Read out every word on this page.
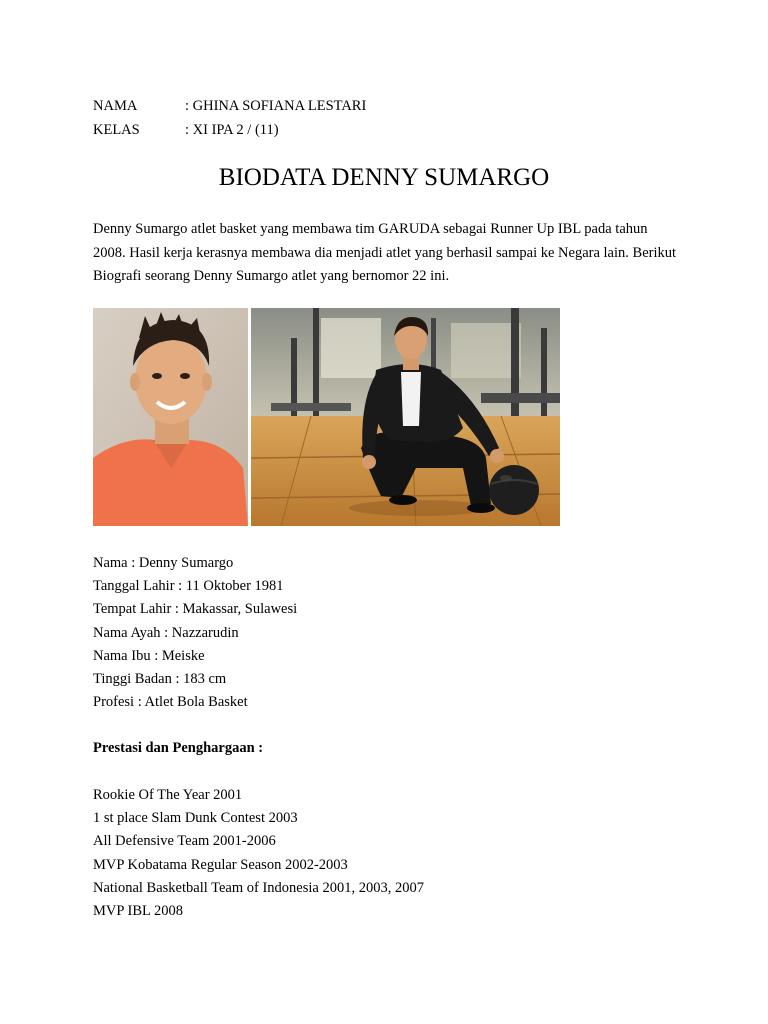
NAMA	: GHINA SOFIANA LESTARI
KELAS	: XI IPA 2 / (11)
BIODATA DENNY SUMARGO
Denny Sumargo atlet basket yang membawa tim GARUDA sebagai Runner Up IBL pada tahun 2008. Hasil kerja kerasnya membawa dia menjadi atlet yang berhasil sampai ke Negara lain. Berikut Biografi seorang Denny Sumargo atlet yang bernomor 22 ini.
Nama : Denny Sumargo
Tanggal Lahir : 11 Oktober 1981
Tempat Lahir : Makassar, Sulawesi
Nama Ayah : Nazzarudin
Nama Ibu : Meiske
Tinggi Badan : 183 cm
Profesi : Atlet Bola Basket
Prestasi dan Penghargaan :
Rookie Of The Year 2001
1 st place Slam Dunk Contest 2003
All Defensive Team 2001-2006
MVP Kobatama Regular Season 2002-2003
National Basketball Team of Indonesia 2001, 2003, 2007
MVP IBL 2008
